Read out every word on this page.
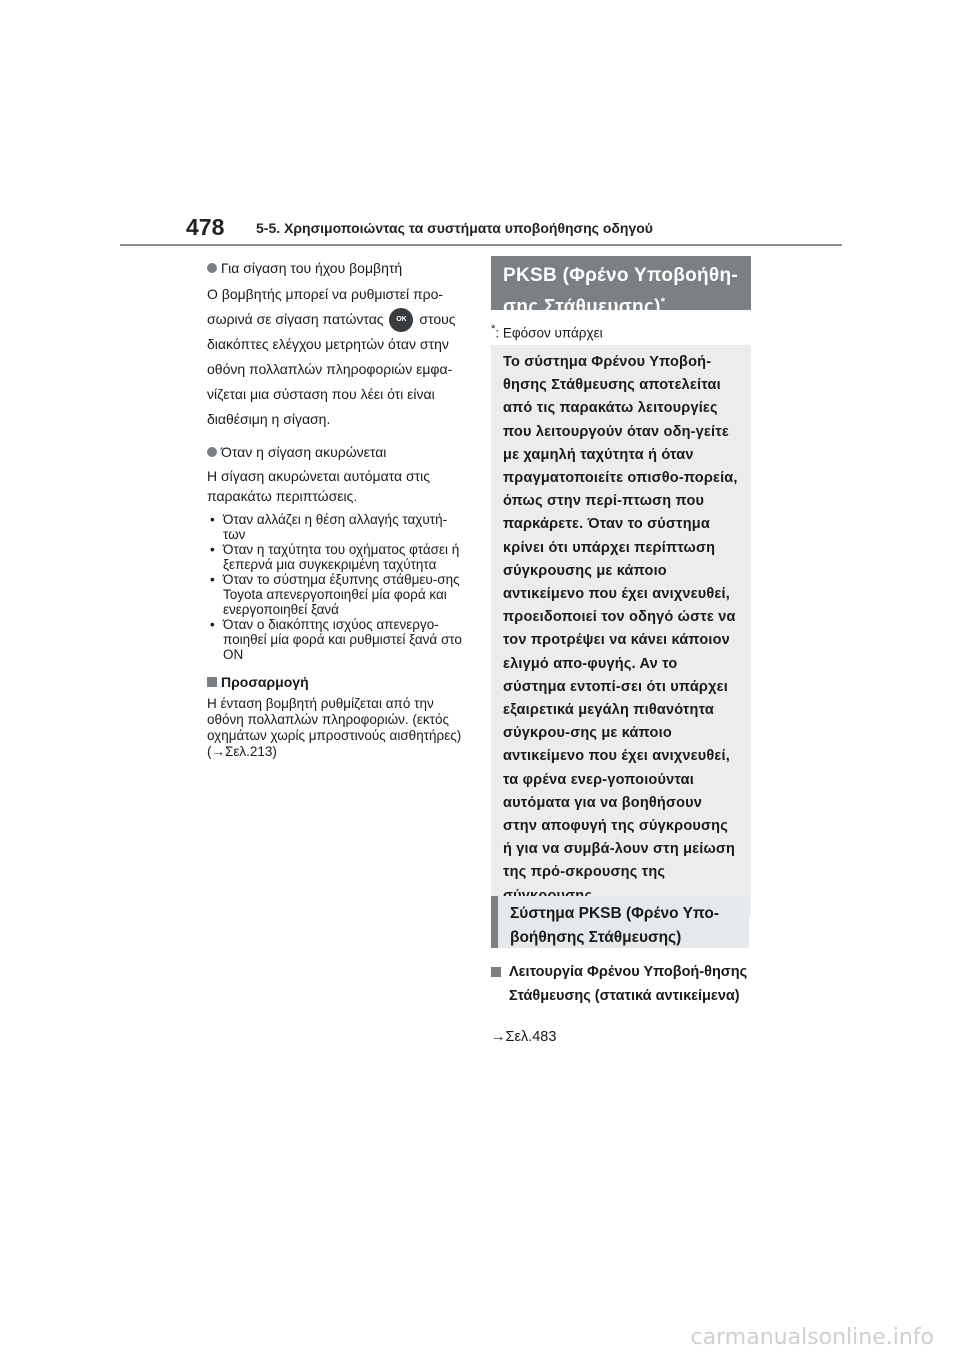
478 5-5. Χρησιμοποιώντας τα συστήματα υποβοήθησης οδηγού
Για σίγαση του ήχου βομβητή

Ο βομβητής μπορεί να ρυθμιστεί προ-σωρινά σε σίγαση πατώντας OK στους διακόπτες ελέγχου μετρητών όταν στην οθόνη πολλαπλών πληροφοριών εμφα-νίζεται μια σύσταση που λέει ότι είναι διαθέσιμη η σίγαση.

Όταν η σίγαση ακυρώνεται

Η σίγαση ακυρώνεται αυτόματα στις παρακάτω περιπτώσεις.

• Όταν αλλάζει η θέση αλλαγής ταχυτή-των
• Όταν η ταχύτητα του οχήματος φτάσει ή ξεπερνά μια συγκεκριμένη ταχύτητα
• Όταν το σύστημα έξυπνης στάθμευ-σης Toyota απενεργοποιηθεί μία φορά και ενεργοποιηθεί ξανά
• Όταν ο διακόπτης ισχύος απενεργο-ποιηθεί μία φορά και ρυθμιστεί ξανά στο ON
Προσαρμογή

Η ένταση βομβητή ρυθμίζεται από την οθόνη πολλαπλών πληροφοριών. (εκτός οχημάτων χωρίς μπροστινούς αισθητήρες) (→Σελ.213)

PKSB (Φρένο Υποβοήθη-σης Στάθμευσης)*
*: Εφόσον υπάρχει
Το σύστημα Φρένου Υποβοή-θησης Στάθμευσης αποτελείται από τις παρακάτω λειτουργίες που λειτουργούν όταν οδη-γείτε με χαμηλή ταχύτητα ή όταν πραγματοποιείτε οπισθο-πορεία, όπως στην περί-πτωση που παρκάρετε. Όταν το σύστημα κρίνει ότι υπάρχει περίπτωση σύγκρουσης με κάποιο αντικείμενο που έχει ανιχνευθεί, προειδοποιεί τον οδηγό ώστε να τον προτρέψει να κάνει κάποιον ελιγμό απο-φυγής. Αν το σύστημα εντοπί-σει ότι υπάρχει εξαιρετικά μεγάλη πιθανότητα σύγκρου-σης με κάποιο αντικείμενο που έχει ανιχνευθεί, τα φρένα ενερ-γοποιούνται αυτόματα για να βοηθήσουν στην αποφυγή της σύγκρουσης ή για να συμβά-λουν στη μείωση της πρό-σκρουσης της
Σύστημα PKSB (Φρένο Υπο-βοήθησης Στάθμευσης)
Λειτουργία Φρένου Υποβοή-θησης Στάθμευσης (στατικά αντικείμενα)
→Σελ.483
carmanualsonline.info
